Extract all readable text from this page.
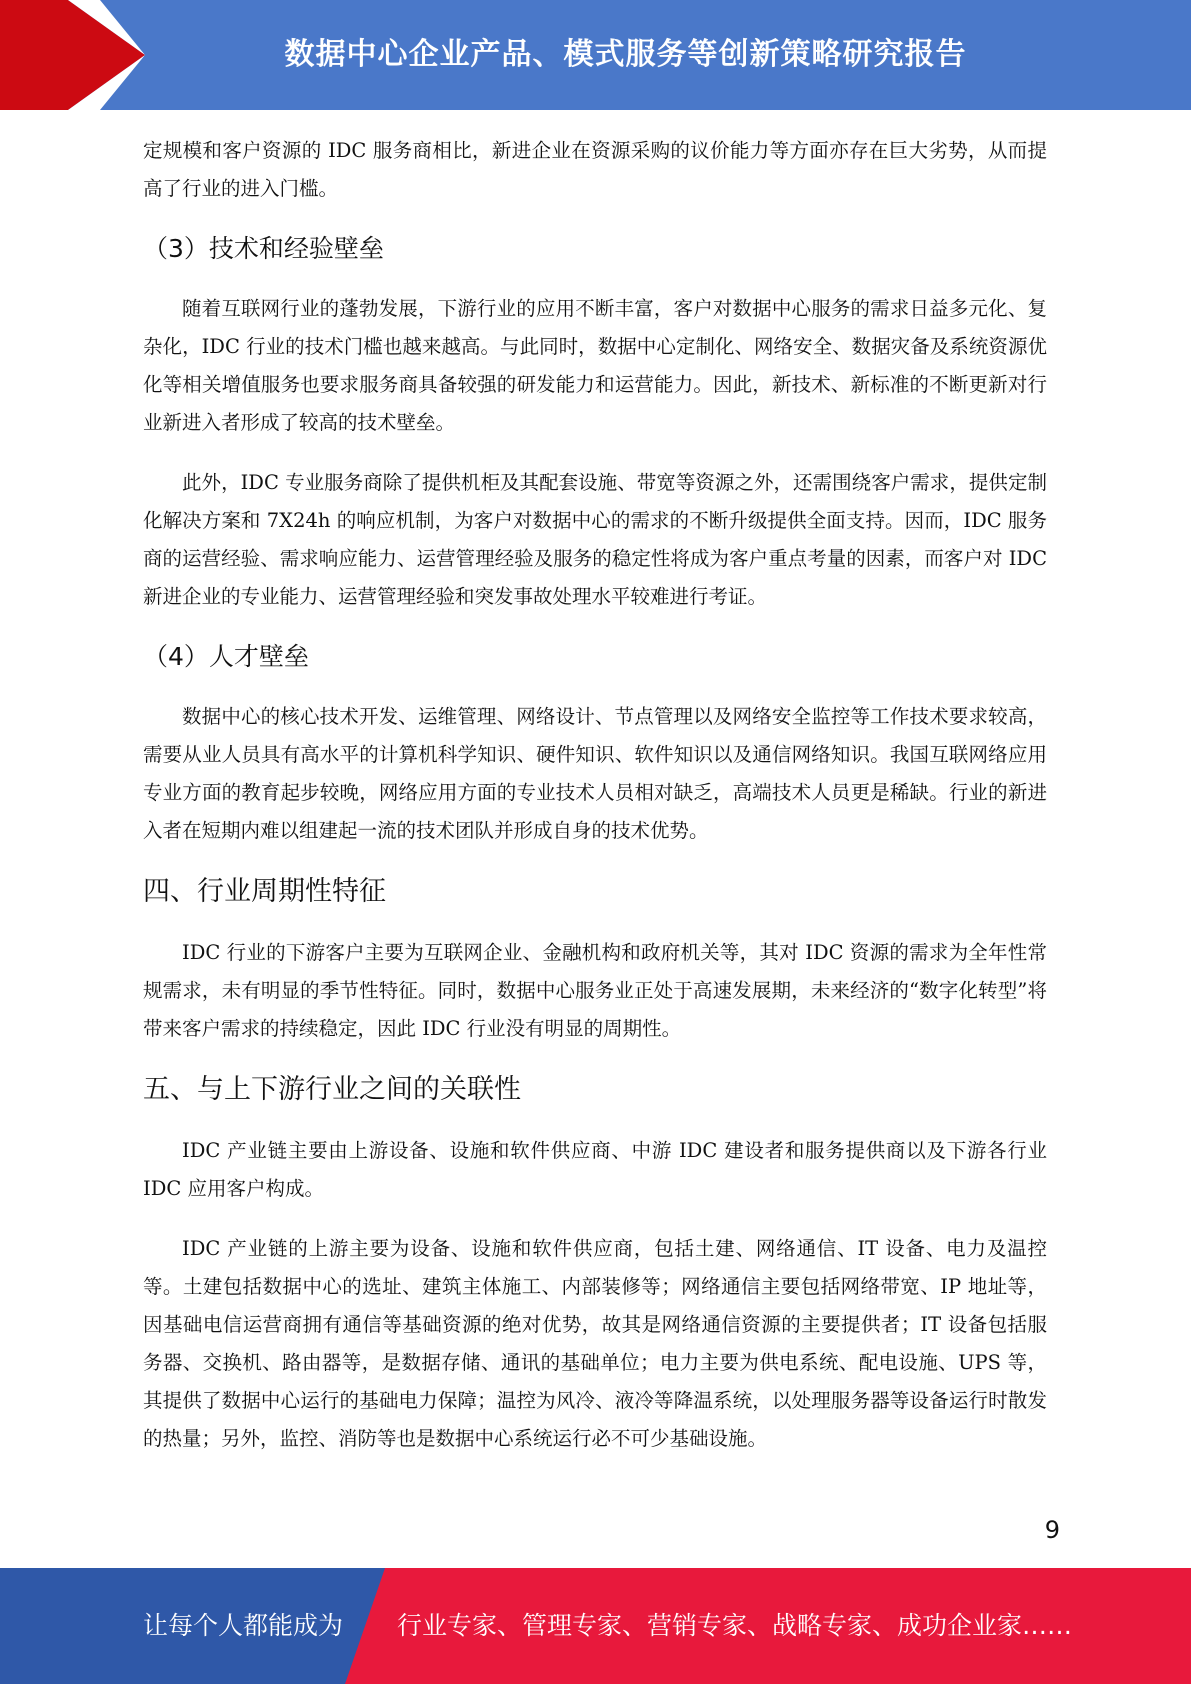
数据中心企业产品、模式服务等创新策略研究报告

定规模和客户资源的 IDC 服务商相比，新进企业在资源采购的议价能力等方面亦存在巨大劣势，从而提高了行业的进入门槛。

（3）技术和经验壁垒

随着互联网行业的蓬勃发展，下游行业的应用不断丰富，客户对数据中心服务的需求日益多元化、复杂化，IDC 行业的技术门槛也越来越高。与此同时，数据中心定制化、网络安全、数据灾备及系统资源优化等相关增值服务也要求服务商具备较强的研发能力和运营能力。因此，新技术、新标准的不断更新对行业新进入者形成了较高的技术壁垒。

此外，IDC 专业服务商除了提供机柜及其配套设施、带宽等资源之外，还需围绕客户需求，提供定制化解决方案和 7X24h 的响应机制，为客户对数据中心的需求的不断升级提供全面支持。因而，IDC 服务商的运营经验、需求响应能力、运营管理经验及服务的稳定性将成为客户重点考量的因素，而客户对 IDC 新进企业的专业能力、运营管理经验和突发事故处理水平较难进行考证。

（4）人才壁垒

数据中心的核心技术开发、运维管理、网络设计、节点管理以及网络安全监控等工作技术要求较高，需要从业人员具有高水平的计算机科学知识、硬件知识、软件知识以及通信网络知识。我国互联网络应用专业方面的教育起步较晚，网络应用方面的专业技术人员相对缺乏，高端技术人员更是稀缺。行业的新进入者在短期内难以组建起一流的技术团队并形成自身的技术优势。

四、行业周期性特征

IDC 行业的下游客户主要为互联网企业、金融机构和政府机关等，其对 IDC 资源的需求为全年性常规需求，未有明显的季节性特征。同时，数据中心服务业正处于高速发展期，未来经济的“数字化转型”将带来客户需求的持续稳定，因此 IDC 行业没有明显的周期性。

五、与上下游行业之间的关联性

IDC 产业链主要由上游设备、设施和软件供应商、中游 IDC 建设者和服务提供商以及下游各行业 IDC 应用客户构成。

IDC 产业链的上游主要为设备、设施和软件供应商，包括土建、网络通信、IT 设备、电力及温控等。土建包括数据中心的选址、建筑主体施工、内部装修等；网络通信主要包括网络带宽、IP 地址等，因基础电信运营商拥有通信等基础资源的绝对优势，故其是网络通信资源的主要提供者；IT 设备包括服务器、交换机、路由器等，是数据存储、通讯的基础单位；电力主要为供电系统、配电设施、UPS 等，其提供了数据中心运行的基础电力保障；温控为风冷、液冷等降温系统，以处理服务器等设备运行时散发的热量；另外，监控、消防等也是数据中心系统运行必不可少基础设施。

9
让每个人都能成为 行业专家、管理专家、营销专家、战略专家、成功企业家……
